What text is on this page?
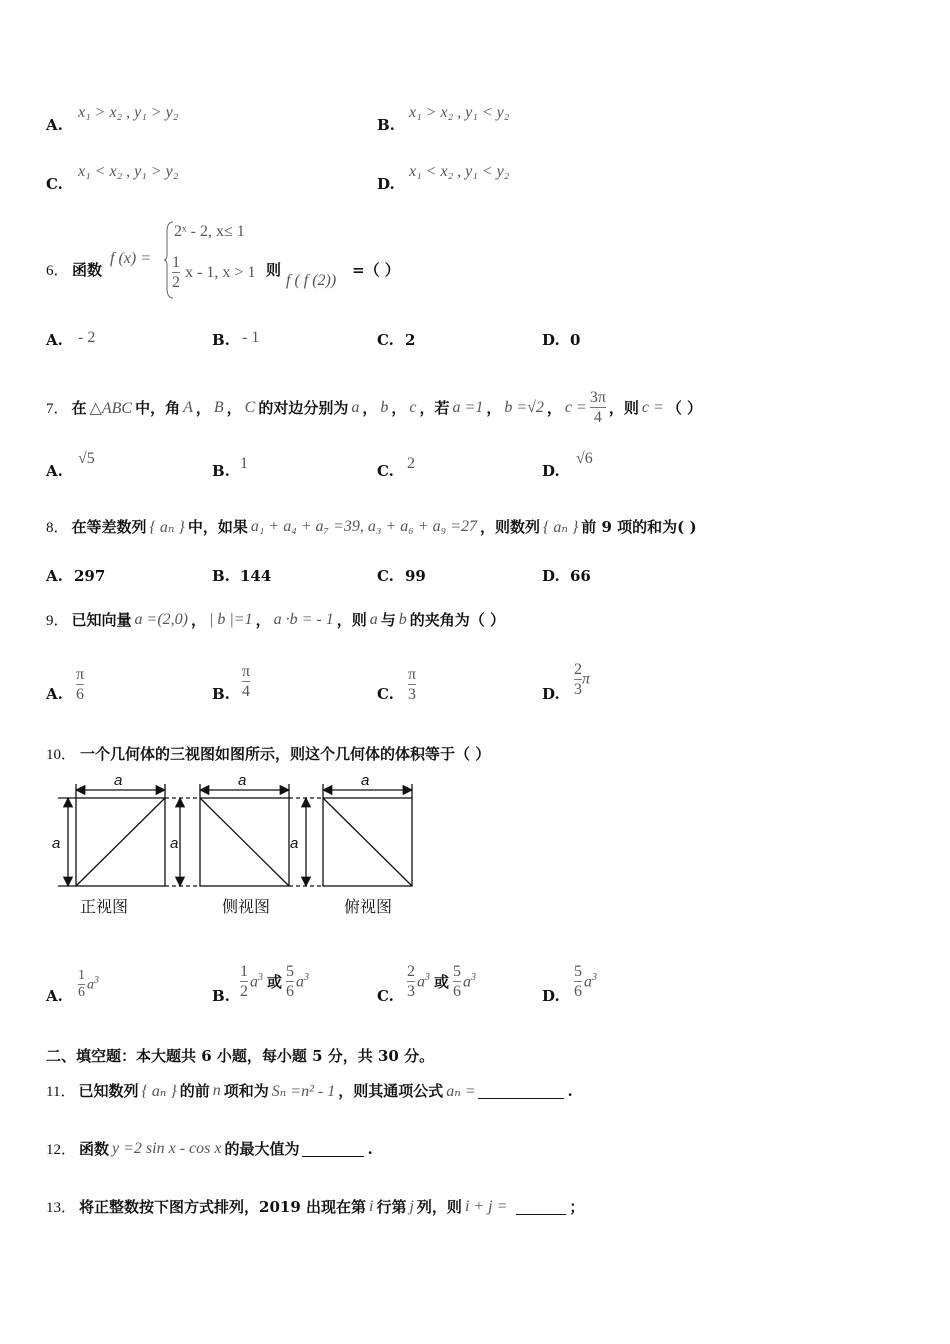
A.
x₁ > x₂ , y₁ > y₂
B.
x₁ > x₂ , y₁ < y₂
C.
x₁ < x₂ , y₁ > y₂
D.
x₁ < x₂ , y₁ < y₂
6． 函数
f (x) =
2ˣ - 2, x≤ 1
$\frac{1}{2}$ x - 1, x > 1 则
f ( f (2))
=（ ）
A. - 2	B. - 1	C. 2	D. 0
7． 在 △ABC 中，角 A ， B ， C 的对边分别为 a ， b ， c ，若 a =1 ， b =√2 ， $c = \frac{3\pi}{4}$ ，则 c = （ ）
A.
√5
B. 1	C. 2	D.
√6
8． 在等差数列 { aₙ } 中，如果 a₁ + a₄ + a₇ =39, a₃ + a₆ + a₉ =27 ，则数列 { aₙ } 前 9 项的和为( )
A. 297	B. 144	C. 99	D. 66
9． 已知向量 a =(2,0) ， | b |=1 ， a ·b = - 1 ，则 a 与 b 的夹角为（ ）
A. $\frac{\pi}{6}$	B. $\frac{\pi}{4}$	C. $\frac{\pi}{3}$	D. $\frac{2}{3}$ π
10． 一个几何体的三视图如图所示，则这个几何体的体积等于（ ）
a
a
a
a
a
a
正视图	侧视图	俯视图
A. $\frac{1}{6} a^3$
B. $\frac{1}{2} a^3$ 或 $\frac{5}{6} a^3$
C. $\frac{2}{3} a^3$ 或 $\frac{5}{6} a^3$
D. $\frac{5}{6} a^3$
二、填空题：本大题共 6 小题，每小题 5 分，共 30 分。
11． 已知数列 { aₙ } 的前 n 项和为 Sₙ =n² - 1 ，则其通项公式 aₙ =	.
12． 函数 y =2 sin x - cos x 的最大值为	.
13． 将正整数按下图方式排列，2019 出现在第 i 行第 j 列，则 i + j =	；
